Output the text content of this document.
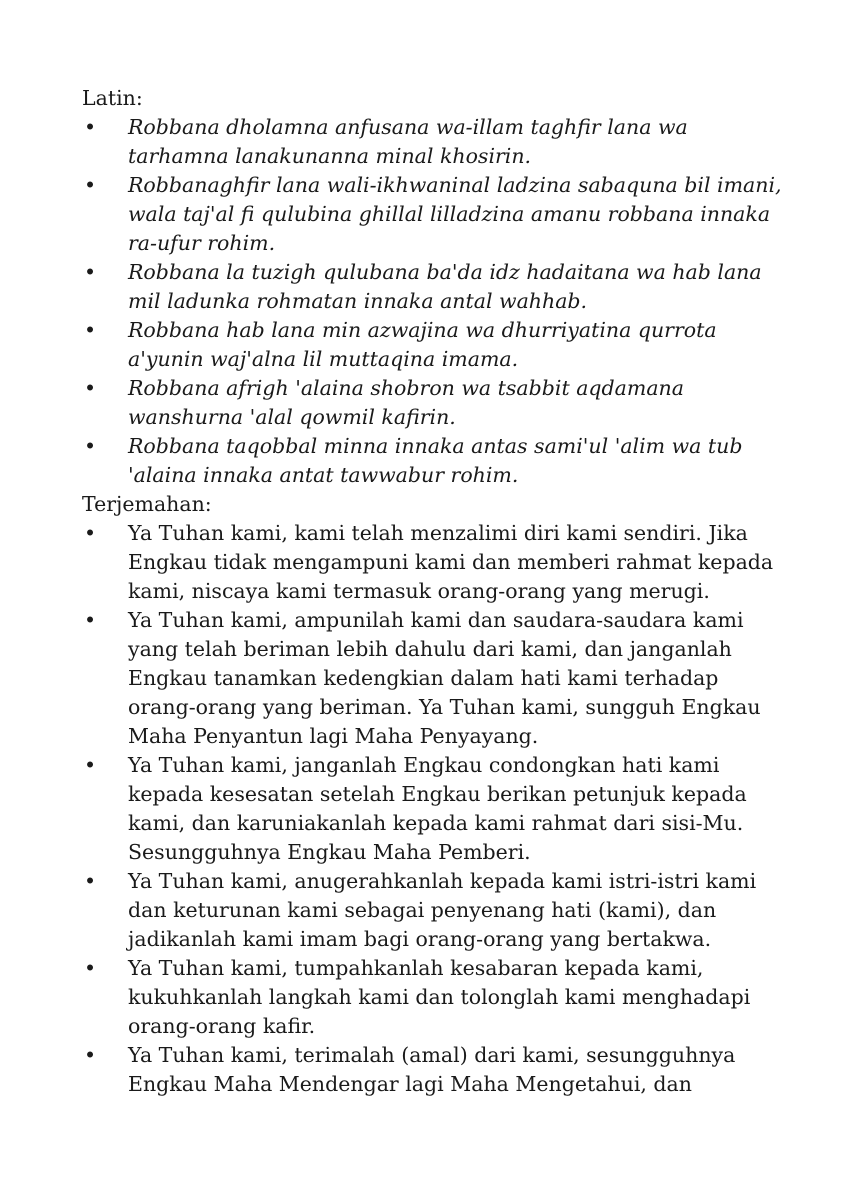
Latin:

• Robbana dholamna anfusana wa-illam taghfir lana wa tarhamna lanakunanna minal khosirin.
• Robbanaghfir lana wali-ikhwaninal ladzina sabaquna bil imani, wala taj'al fi qulubina ghillal lilladzina amanu robbana innaka ra-ufur rohim.
• Robbana la tuzigh qulubana ba'da idz hadaitana wa hab lana mil ladunka rohmatan innaka antal wahhab.
• Robbana hab lana min azwajina wa dhurriyatina qurrota a'yunin waj'alna lil muttaqina imama.
• Robbana afrigh 'alaina shobron wa tsabbit aqdamana wanshurna 'alal qowmil kafirin.
• Robbana taqobbal minna innaka antas sami'ul 'alim wa tub 'alaina innaka antat tawwabur rohim.

Terjemahan:

• Ya Tuhan kami, kami telah menzalimi diri kami sendiri. Jika Engkau tidak mengampuni kami dan memberi rahmat kepada kami, niscaya kami termasuk orang-orang yang merugi.
• Ya Tuhan kami, ampunilah kami dan saudara-saudara kami yang telah beriman lebih dahulu dari kami, dan janganlah Engkau tanamkan kedengkian dalam hati kami terhadap orang-orang yang beriman. Ya Tuhan kami, sungguh Engkau Maha Penyantun lagi Maha Penyayang.
• Ya Tuhan kami, janganlah Engkau condongkan hati kami kepada kesesatan setelah Engkau berikan petunjuk kepada kami, dan karuniakanlah kepada kami rahmat dari sisi-Mu. Sesungguhnya Engkau Maha Pemberi.
• Ya Tuhan kami, anugerahkanlah kepada kami istri-istri kami dan keturunan kami sebagai penyenang hati (kami), dan jadikanlah kami imam bagi orang-orang yang bertakwa.
• Ya Tuhan kami, tumpahkanlah kesabaran kepada kami, kukuhkanlah langkah kami dan tolonglah kami menghadapi orang-orang kafir.
• Ya Tuhan kami, terimalah (amal) dari kami, sesungguhnya Engkau Maha Mendengar lagi Maha Mengetahui, dan
